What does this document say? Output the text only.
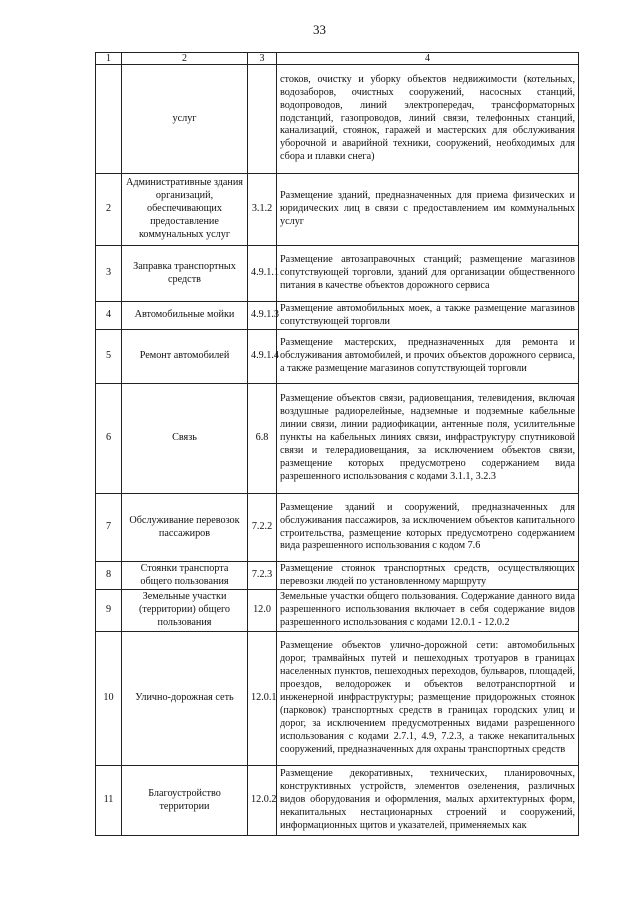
33
1	2	3	4
	услуг		стоков, очистку и уборку объектов недвижимости (котельных, водозаборов, очистных сооружений, насосных станций, водопроводов, линий электропередач, трансформаторных подстанций, газопроводов, линий связи, телефонных станций, канализаций, стоянок, гаражей и мастерских для обслуживания уборочной и аварийной техники, сооружений, необходимых для сбора и плавки снега)
2	Административные здания организаций, обеспечивающих предоставление коммунальных услуг	3.1.2	Размещение зданий, предназначенных для приема физических и юридических лиц в связи с предоставлением им коммунальных услуг
3	Заправка транспортных средств	4.9.1.1	Размещение автозаправочных станций; размещение магазинов сопутствующей торговли, зданий для организации общественного питания в качестве объектов дорожного сервиса
4	Автомобильные мойки	4.9.1.3	Размещение автомобильных моек, а также размещение магазинов сопутствующей торговли
5	Ремонт автомобилей	4.9.1.4	Размещение мастерских, предназначенных для ремонта и обслуживания автомобилей, и прочих объектов дорожного сервиса, а также размещение магазинов сопутствующей торговли
6	Связь	6.8	Размещение объектов связи, радиовещания, телевидения, включая воздушные радиорелейные, надземные и подземные кабельные линии связи, линии радиофикации, антенные поля, усилительные пункты на кабельных линиях связи, инфраструктуру спутниковой связи и телерадиовещания, за исключением объектов связи, размещение которых предусмотрено содержанием вида разрешенного использования с кодами 3.1.1, 3.2.3
7	Обслуживание перевозок пассажиров	7.2.2	Размещение зданий и сооружений, предназначенных для обслуживания пассажиров, за исключением объектов капитального строительства, размещение которых предусмотрено содержанием вида разрешенного использования с кодом 7.6
8	Стоянки транспорта общего пользования	7.2.3	Размещение стоянок транспортных средств, осуществляющих перевозки людей по установленному маршруту
9	Земельные участки (территории) общего пользования	12.0	Земельные участки общего пользования. Содержание данного вида разрешенного использования включает в себя содержание видов разрешенного использования с кодами 12.0.1 - 12.0.2
10	Улично-дорожная сеть	12.0.1	Размещение объектов улично-дорожной сети: автомобильных дорог, трамвайных путей и пешеходных тротуаров в границах населенных пунктов, пешеходных переходов, бульваров, площадей, проездов, велодорожек и объектов велотранспортной и инженерной инфраструктуры; размещение придорожных стоянок (парковок) транспортных средств в границах городских улиц и дорог, за исключением предусмотренных видами разрешенного использования с кодами 2.7.1, 4.9, 7.2.3, а также некапитальных сооружений, предназначенных для охраны транспортных средств
11	Благоустройство территории	12.0.2	Размещение декоративных, технических, планировочных, конструктивных устройств, элементов озеленения, различных видов оборудования и оформления, малых архитектурных форм, некапитальных нестационарных строений и сооружений, информационных щитов и указателей, применяемых как
